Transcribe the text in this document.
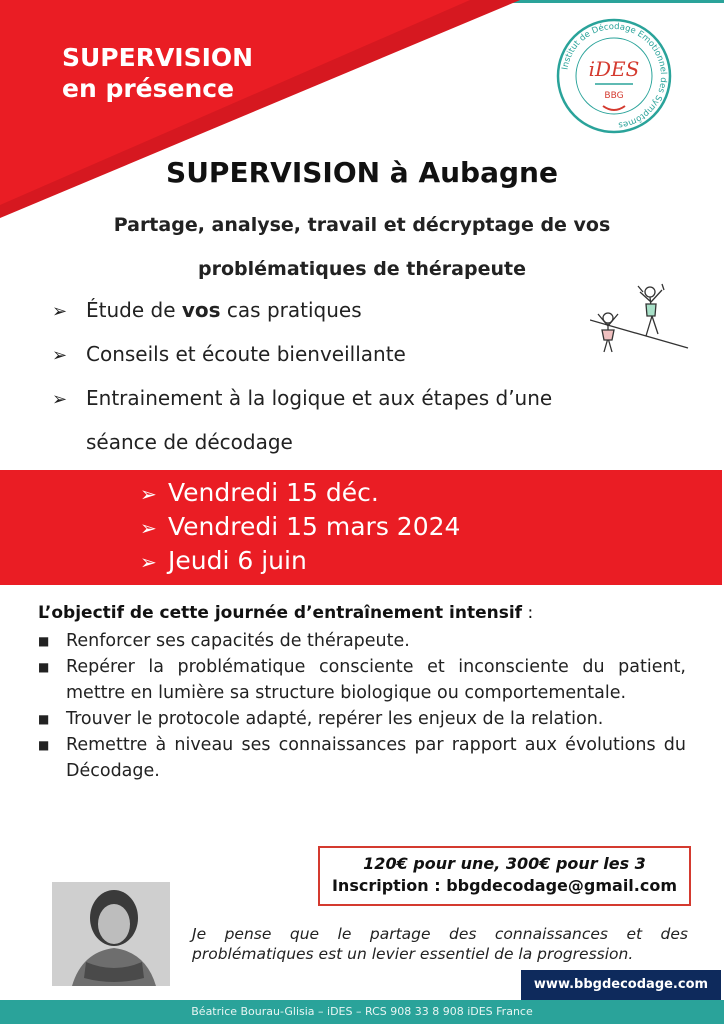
SUPERVISION
en présence

Institut de Décodage Emotionnel des Symptômes
iDES
BBG
SUPERVISION à Aubagne

Partage, analyse, travail et décryptage de vos

problématiques de thérapeute

➢ Étude de vos cas pratiques
➢ Conseils et écoute bienveillante
➢ Entrainement à la logique et aux étapes d’une
séance de décodage
➢ Vendredi 15 déc.
➢ Vendredi 15 mars 2024
➢ Jeudi 6 juin

L’objectif de cette journée d’entraînement intensif :

■ Renforcer ses capacités de thérapeute.
■ Repérer la problématique consciente et inconsciente du patient, mettre en lumière sa structure biologique ou comportementale.
■ Trouver le protocole adapté, repérer les enjeux de la relation.
■ Remettre à niveau ses connaissances par rapport aux évolutions du Décodage.
120€ pour une, 300€ pour les 3
Inscription : bbgdecodage@gmail.com

Je pense que le partage des connaissances et des problématiques est un levier essentiel de la progression.

www.bbgdecodage.com
Béatrice Bourau-Glisia – iDES – RCS 908 33 8 908 iDES France
